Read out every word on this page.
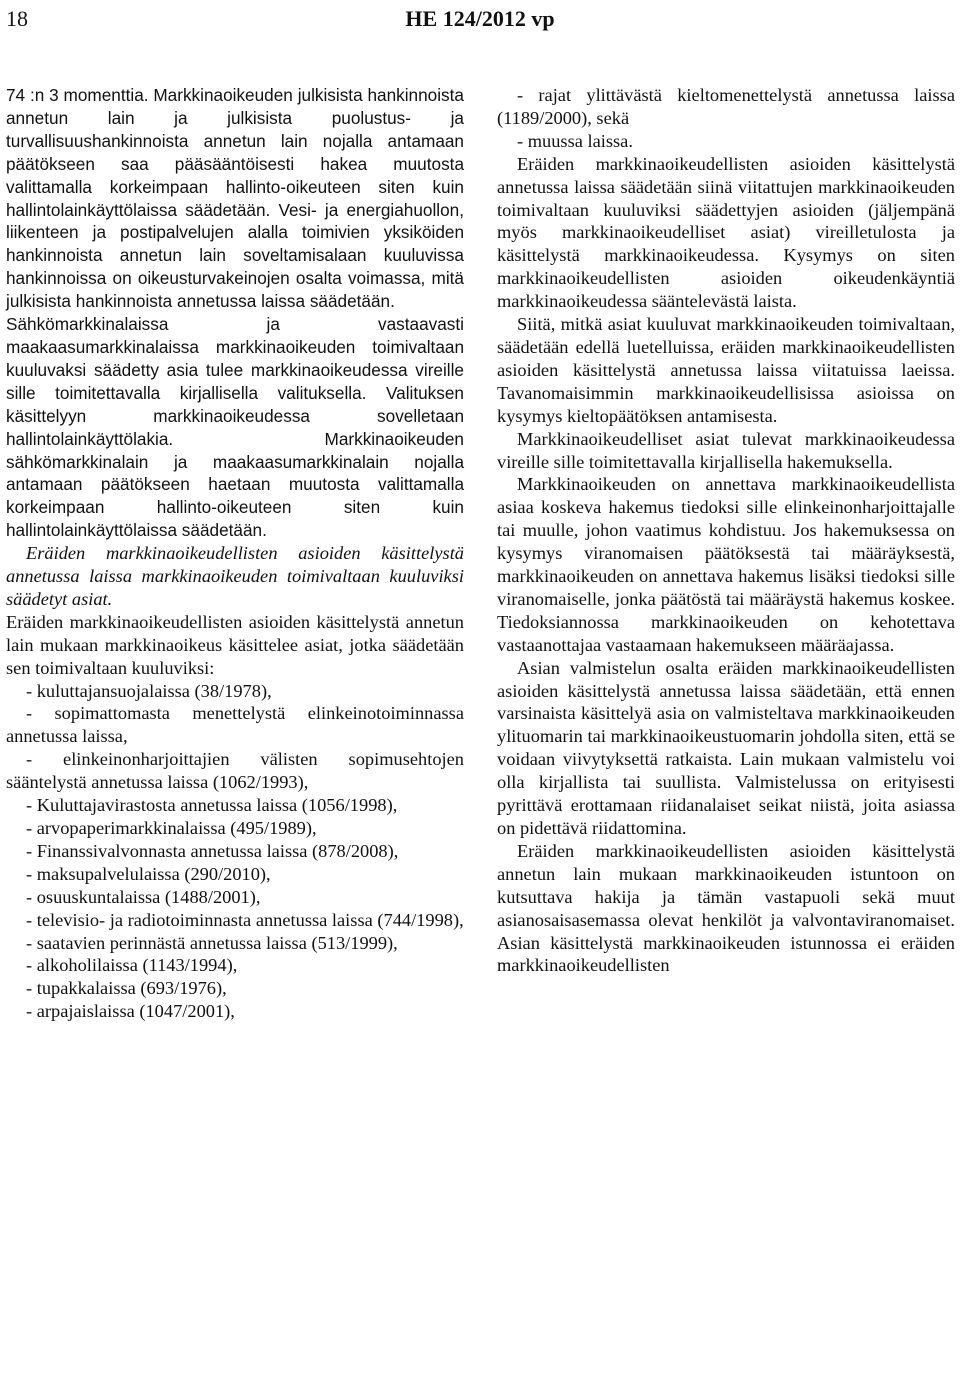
18	HE 124/2012 vp

74 :n 3 momenttia. Markkinaoikeuden julkisista hankinnoista annetun lain ja julkisista puolustus- ja turvallisuushankinnoista annetun lain nojalla antamaan päätökseen saa pääsääntöisesti hakea muutosta valittamalla korkeimpaan hallinto-oikeuteen siten kuin hallintolainkäyttölaissa säädetään. Vesi- ja energiahuollon, liikenteen ja postipalvelujen alalla toimivien yksiköiden hankinnoista annetun lain soveltamisalaan kuuluvissa hankinnoissa on oikeusturvakeinojen osalta voimassa, mitä julkisista hankinnoista annetussa laissa säädetään.

Sähkömarkkinalaissa ja vastaavasti maakaasumarkkinalaissa markkinaoikeuden toimivaltaan kuuluvaksi säädetty asia tulee markkinaoikeudessa vireille sille toimitettavalla kirjallisella valituksella. Valituksen käsittelyyn markkinaoikeudessa sovelletaan hallintolainkäyttölakia. Markkinaoikeuden sähkömarkkinalain ja maakaasumarkkinalain nojalla antamaan päätökseen haetaan muutosta valittamalla korkeimpaan hallinto-oikeuteen siten kuin hallintolainkäyttölaissa säädetään.

Eräiden markkinaoikeudellisten asioiden käsittelystä annetussa laissa markkinaoikeuden toimivaltaan kuuluviksi säädetyt asiat.

Eräiden markkinaoikeudellisten asioiden käsittelystä annetun lain mukaan markkinaoikeus käsittelee asiat, jotka säädetään sen toimivaltaan kuuluviksi:

- kuluttajansuojalaissa (38/1978),

- sopimattomasta menettelystä elinkeinotoiminnassa annetussa laissa,

- elinkeinonharjoittajien välisten sopimusehtojen sääntelystä annetussa laissa (1062/1993),

- Kuluttajavirastosta annetussa laissa (1056/1998),

- arvopaperimarkkinalaissa (495/1989),

- Finanssivalvonnasta annetussa laissa (878/2008),

- maksupalvelulaissa (290/2010),

- osuuskuntalaissa (1488/2001),

- televisio- ja radiotoiminnasta annetussa laissa (744/1998),

- saatavien perinnästä annetussa laissa (513/1999),

- alkoholilaissa (1143/1994),

- tupakkalaissa (693/1976),

- arpajaislaissa (1047/2001),

- rajat ylittävästä kieltomenettelystä annetussa laissa (1189/2000), sekä

- muussa laissa.

Eräiden markkinaoikeudellisten asioiden käsittelystä annetussa laissa säädetään siinä viitattujen markkinaoikeuden toimivaltaan kuuluviksi säädettyjen asioiden (jäljempänä myös markkinaoikeudelliset asiat) vireilletulosta ja käsittelystä markkinaoikeudessa. Kysymys on siten markkinaoikeudellisten asioiden oikeudenkäyntiä markkinaoikeudessa sääntelevästä laista.

Siitä, mitkä asiat kuuluvat markkinaoikeuden toimivaltaan, säädetään edellä luetelluissa, eräiden markkinaoikeudellisten asioiden käsittelystä annetussa laissa viitatuissa laeissa. Tavanomaisimmin markkinaoikeudellisissa asioissa on kysymys kieltopäätöksen antamisesta.

Markkinaoikeudelliset asiat tulevat markkinaoikeudessa vireille sille toimitettavalla kirjallisella hakemuksella.

Markkinaoikeuden on annettava markkinaoikeudellista asiaa koskeva hakemus tiedoksi sille elinkeinonharjoittajalle tai muulle, johon vaatimus kohdistuu. Jos hakemuksessa on kysymys viranomaisen päätöksestä tai määräyksestä, markkinaoikeuden on annettava hakemus lisäksi tiedoksi sille viranomaiselle, jonka päätöstä tai määräystä hakemus koskee. Tiedoksiannossa markkinaoikeuden on kehotettava vastaanottajaa vastaamaan hakemukseen määräajassa.

Asian valmistelun osalta eräiden markkinaoikeudellisten asioiden käsittelystä annetussa laissa säädetään, että ennen varsinaista käsittelyä asia on valmisteltava markkinaoikeuden ylituomarin tai markkinaoikeustuomarin johdolla siten, että se voidaan viivytyksettä ratkaista. Lain mukaan valmistelu voi olla kirjallista tai suullista. Valmistelussa on erityisesti pyrittävä erottamaan riidanalaiset seikat niistä, joita asiassa on pidettävä riidattomina.

Eräiden markkinaoikeudellisten asioiden käsittelystä annetun lain mukaan markkinaoikeuden istuntoon on kutsuttava hakija ja tämän vastapuoli sekä muut asianosaisasemassa olevat henkilöt ja valvontaviranomaiset. Asian käsittelystä markkinaoikeuden istunnossa ei eräiden markkinaoikeudellisten
